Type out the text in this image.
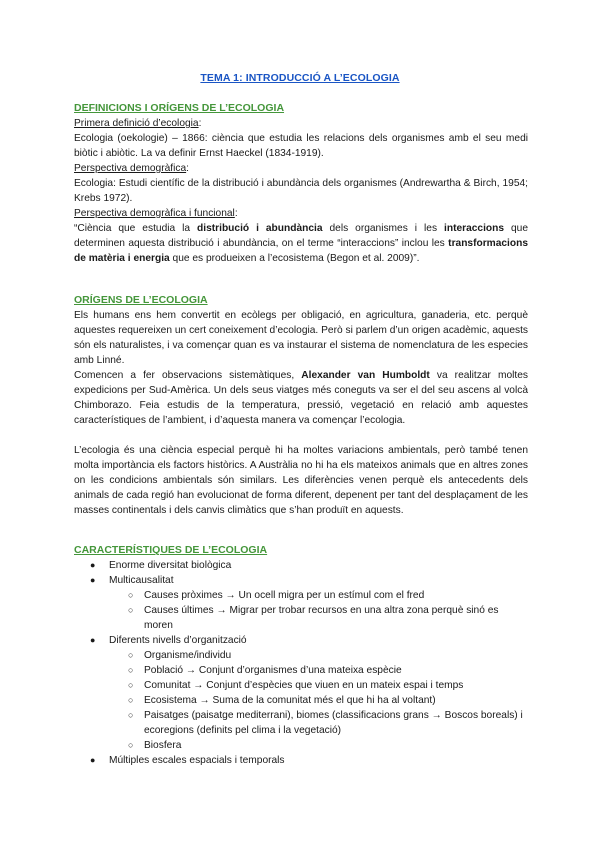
TEMA 1: INTRODUCCIÓ A L’ECOLOGIA
DEFINICIONS I ORÍGENS DE L’ECOLOGIA

Primera definició d’ecologia:

Ecologia (oekologie) – 1866: ciència que estudia les relacions dels organismes amb el seu medi biòtic i abiòtic. La va definir Ernst Haeckel (1834-1919).

Perspectiva demogràfica:

Ecologia: Estudi científic de la distribució i abundància dels organismes (Andrewartha & Birch, 1954; Krebs 1972).

Perspectiva demogràfica i funcional:

“Ciència que estudia la distribució i abundància dels organismes i les interaccions que determinen aquesta distribució i abundància, on el terme “interaccions” inclou les transformacions de matèria i energia que es produeixen a l’ecosistema (Begon et al. 2009)”.

ORÍGENS DE L’ECOLOGIA

Els humans ens hem convertit en ecòlegs per obligació, en agricultura, ganaderia, etc. perquè aquestes requereixen un cert coneixement d’ecologia. Però si parlem d’un origen acadèmic, aquests són els naturalistes, i va començar quan es va instaurar el sistema de nomenclatura de les especies amb Linné.

Comencen a fer observacions sistemàtiques, Alexander van Humboldt va realitzar moltes expedicions per Sud-Amèrica. Un dels seus viatges més coneguts va ser el del seu ascens al volcà Chimborazo. Feia estudis de la temperatura, pressió, vegetació en relació amb aquestes característiques de l’ambient, i d’aquesta manera va començar l’ecologia.

L’ecologia és una ciència especial perquè hi ha moltes variacions ambientals, però també tenen molta importància els factors històrics. A Austràlia no hi ha els mateixos animals que en altres zones on les condicions ambientals són similars. Les diferències venen perquè els antecedents dels animals de cada regió han evolucionat de forma diferent, depenent per tant del desplaçament de les masses continentals i dels canvis climàtics que s’han produït en aquests.

CARACTERÍSTIQUES DE L’ECOLOGIA
● Enorme diversitat biològica
● Multicausalitat
○ Causes pròximes → Un ocell migra per un estímul com el fred
○ Causes últimes → Migrar per trobar recursos en una altra zona perquè sinó es moren
● Diferents nivells d’organització
○ Organisme/individu
○ Població → Conjunt d’organismes d’una mateixa espècie
○ Comunitat → Conjunt d’espècies que viuen en un mateix espai i temps
○ Ecosistema → Suma de la comunitat més el que hi ha al voltant)
○ Paisatges (paisatge mediterrani), biomes (classificacions grans → Boscos boreals) i ecoregions (definits pel clima i la vegetació)
○ Biosfera
● Múltiples escales espacials i temporals
